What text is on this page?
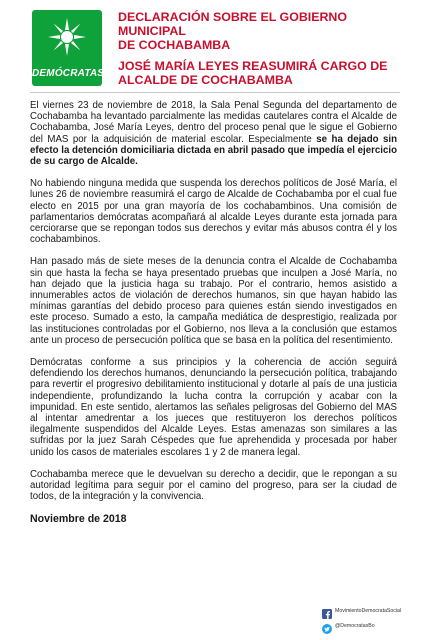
DEMÓCRATAS

DECLARACIÓN SOBRE EL GOBIERNO MUNICIPAL
DE COCHABAMBA

JOSÉ MARÍA LEYES REASUMIRÁ CARGO DE
ALCALDE DE COCHABAMBA

El viernes 23 de noviembre de 2018, la Sala Penal Segunda del departamento de Cochabamba ha levantado parcialmente las medidas cautelares contra el Alcalde de Cochabamba, José María Leyes, dentro del proceso penal que le sigue el Gobierno del MAS por la adquisición de material escolar. Especialmente se ha dejado sin efecto la detención domiciliaria dictada en abril pasado que impedía el ejercicio de su cargo de Alcalde.

No habiendo ninguna medida que suspenda los derechos políticos de José María, el lunes 26 de noviembre reasumirá el cargo de Alcalde de Cochabamba por el cual fue electo en 2015 por una gran mayoría de los cochabambinos. Una comisión de parlamentarios demócratas acompañará al alcalde Leyes durante esta jornada para cerciorarse que se repongan todos sus derechos y evitar más abusos contra él y los cochabambinos.

Han pasado más de siete meses de la denuncia contra el Alcalde de Cochabamba sin que hasta la fecha se haya presentado pruebas que inculpen a José María, no han dejado que la justicia haga su trabajo. Por el contrario, hemos asistido a innumerables actos de violación de derechos humanos, sin que hayan habido las mínimas garantías del debido proceso para quienes están siendo investigados en este proceso. Sumado a esto, la campaña mediática de desprestigio, realizada por las instituciones controladas por el Gobierno, nos lleva a la conclusión que estamos ante un proceso de persecución política que se basa en la política del resentimiento.

Demócratas conforme a sus principios y la coherencia de acción seguirá defendiendo los derechos humanos, denunciando la persecución política, trabajando para revertir el progresivo debilitamiento institucional y dotarle al país de una justicia independiente, profundizando la lucha contra la corrupción y acabar con la impunidad. En este sentido, alertamos las señales peligrosas del Gobierno del MAS al intentar amedrentar a los jueces que restituyeron los derechos políticos ilegalmente suspendidos del Alcalde Leyes. Estas amenazas son similares a las sufridas por la juez Sarah Céspedes que fue aprehendida y procesada por haber unido los casos de materiales escolares 1 y 2 de manera legal.

Cochabamba merece que le devuelvan su derecho a decidir, que le repongan a su autoridad legítima para seguir por el camino del progreso, para ser la ciudad de todos, de la integración y la convivencia.

Noviembre de 2018

MovimientoDemocrataSocial
@DemocratasBo
